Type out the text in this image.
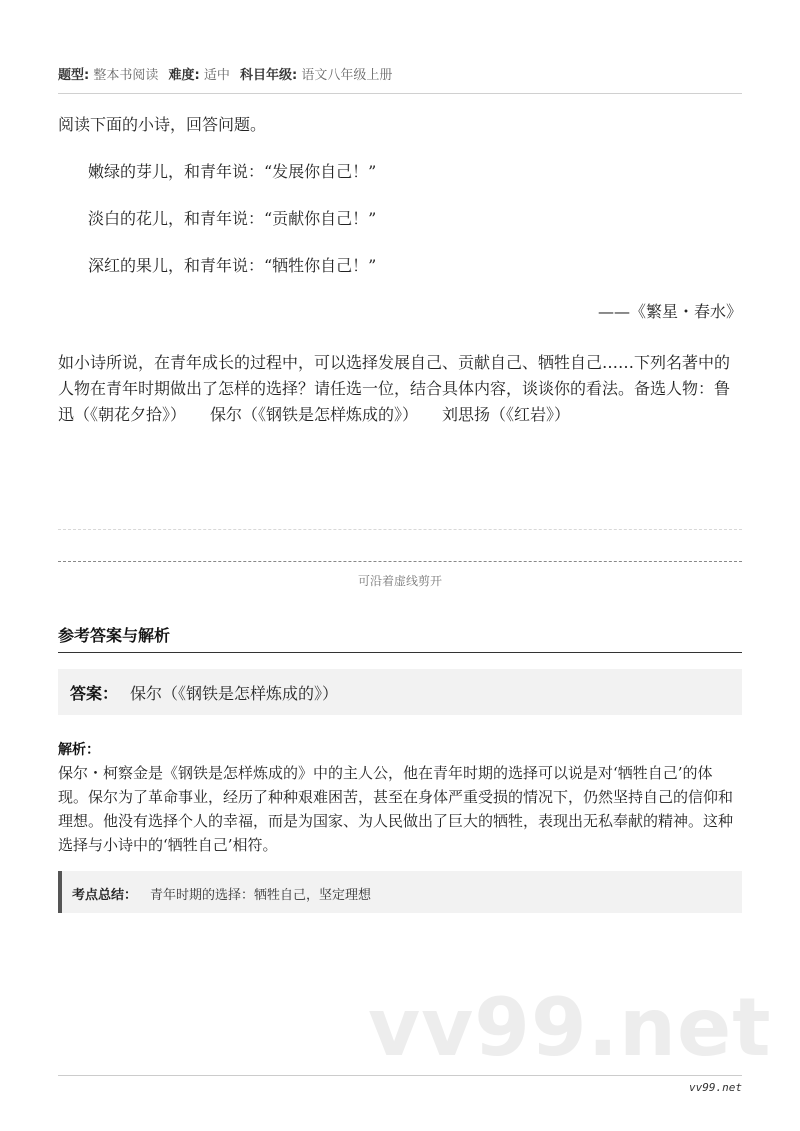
题型: 整本书阅读 难度: 适中 科目年级: 语文八年级上册
阅读下面的小诗，回答问题。
嫩绿的芽儿，和青年说：“发展你自己！”
淡白的花儿，和青年说：“贡献你自己！”
深红的果儿，和青年说：“牺牲你自己！”
——《繁星・春水》
如小诗所说，在青年成长的过程中，可以选择发展自己、贡献自己、牺牲自己……下列名著中的人物在青年时期做出了怎样的选择？请任选一位，结合具体内容，谈谈你的看法。备选人物：鲁迅（《朝花夕拾》）　　保尔（《钢铁是怎样炼成的》）　　刘思扬（《红岩》）
可沿着虚线剪开
参考答案与解析
答案： 保尔（《钢铁是怎样炼成的》）
解析：
保尔・柯察金是《钢铁是怎样炼成的》中的主人公，他在青年时期的选择可以说是对‘牺牲自己’的体现。保尔为了革命事业，经历了种种艰难困苦，甚至在身体严重受损的情况下，仍然坚持自己的信仰和理想。他没有选择个人的幸福，而是为国家、为人民做出了巨大的牺牲，表现出无私奉献的精神。这种选择与小诗中的‘牺牲自己’相符。
考点总结： 青年时期的选择：牺牲自己，坚定理想
vv99.net
vv99.net
